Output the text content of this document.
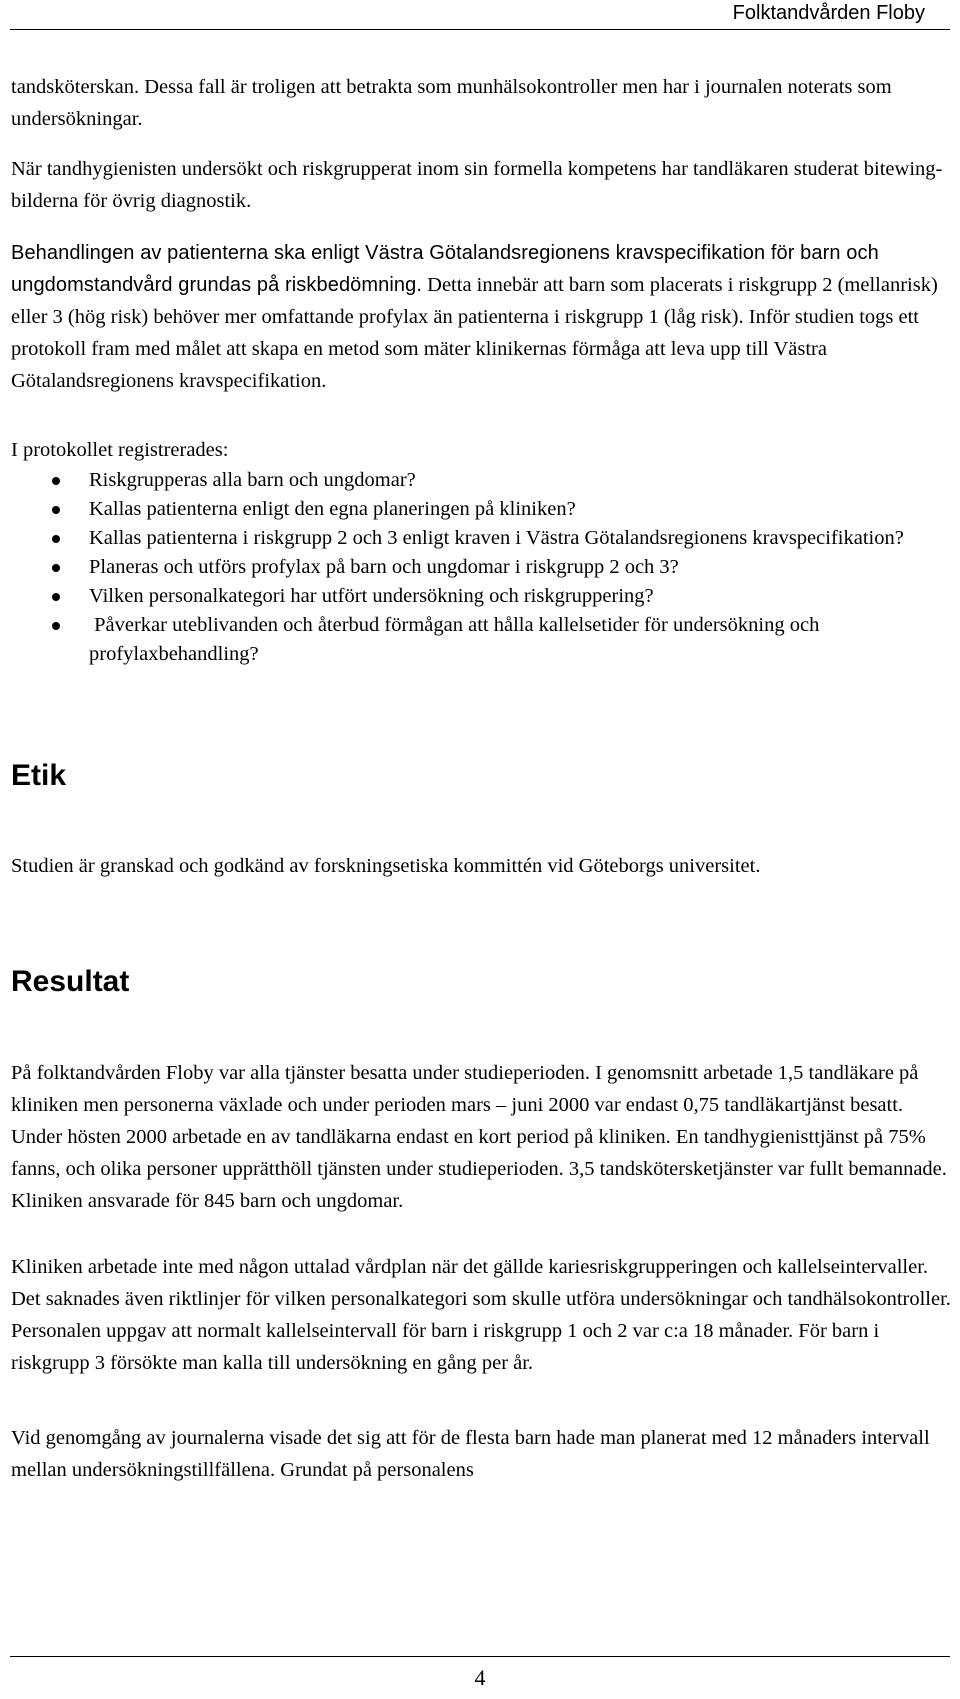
Folktandvården Floby

tandsköterskan. Dessa fall är troligen att betrakta som munhälsokontroller men har i journalen noterats som undersökningar.

När tandhygienisten undersökt och riskgrupperat inom sin formella kompetens har tandläkaren studerat bitewing-bilderna för övrig diagnostik.

Behandlingen av patienterna ska enligt Västra Götalandsregionens kravspecifikation för barn och ungdomstandvård grundas på riskbedömning. Detta innebär att barn som placerats i riskgrupp 2 (mellanrisk) eller 3 (hög risk) behöver mer omfattande profylax än patienterna i riskgrupp 1 (låg risk). Inför studien togs ett protokoll fram med målet att skapa en metod som mäter klinikernas förmåga att leva upp till Västra Götalandsregionens kravspecifikation.

I protokollet registrerades:

Riskgrupperas alla barn och ungdomar?
Kallas patienterna enligt den egna planeringen på kliniken?
Kallas patienterna i riskgrupp 2 och 3 enligt kraven i Västra Götalandsregionens kravspecifikation?
Planeras och utförs profylax på barn och ungdomar i riskgrupp 2 och 3?
Vilken personalkategori har utfört undersökning och riskgruppering?
Påverkar uteblivanden och återbud förmågan att hålla kallelsetider för undersökning och profylaxbehandling?
Etik

Studien är granskad och godkänd av forskningsetiska kommittén vid Göteborgs universitet.

Resultat

På folktandvården Floby var alla tjänster besatta under studieperioden. I genomsnitt arbetade 1,5 tandläkare på kliniken men personerna växlade och under perioden mars – juni 2000 var endast 0,75 tandläkartjänst besatt. Under hösten 2000 arbetade en av tandläkarna endast en kort period på kliniken. En tandhygienisttjänst på 75% fanns, och olika personer upprätthöll tjänsten under studieperioden. 3,5 tandskötersketjänster var fullt bemannade. Kliniken ansvarade för 845 barn och ungdomar.

Kliniken arbetade inte med någon uttalad vårdplan när det gällde kariesriskgrupperingen och kallelseintervaller. Det saknades även riktlinjer för vilken personalkategori som skulle utföra undersökningar och tandhälsokontroller. Personalen uppgav att normalt kallelseintervall för barn i riskgrupp 1 och 2 var c:a 18 månader. För barn i riskgrupp 3 försökte man kalla till undersökning en gång per år.

Vid genomgång av journalerna visade det sig att för de flesta barn hade man planerat med 12 månaders intervall mellan undersökningstillfällena. Grundat på personalens

4
